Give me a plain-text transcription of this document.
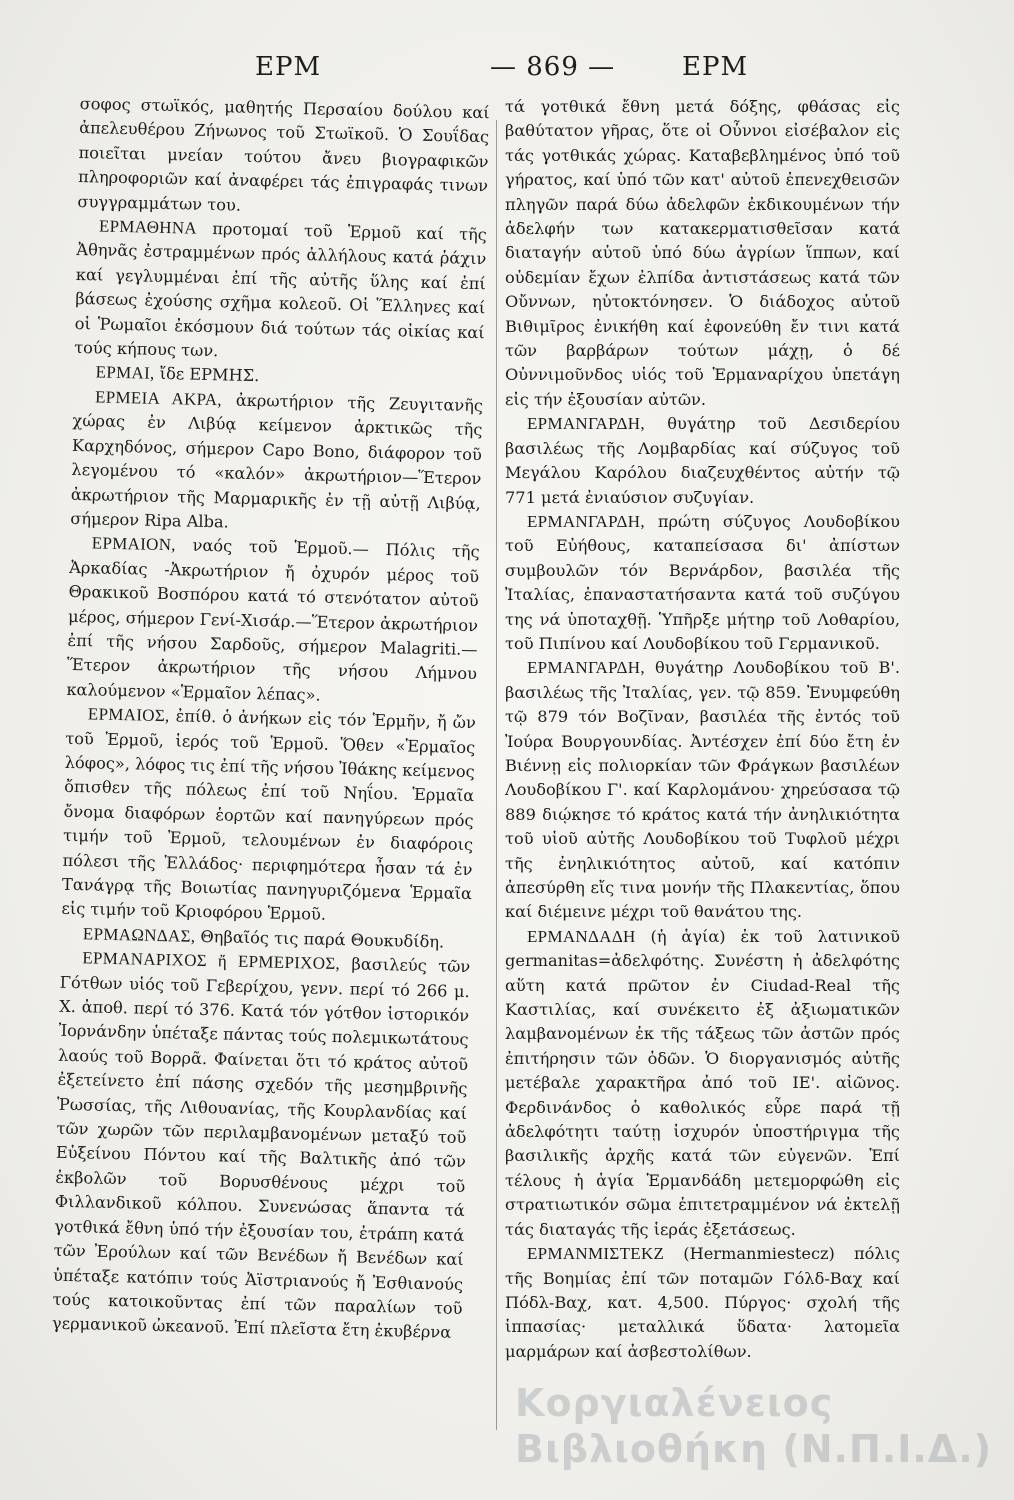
ΕΡΜ	— 869 —	ΕΡΜ

σοφος στωϊκός, μαθητής Περσαίου δούλου καί ἀπελευθέρου Ζήνωνος τοῦ Στωϊκοῦ. Ὁ Σουΐδας ποιεῖται μνείαν τούτου ἄνευ βιογραφικῶν πληροφοριῶν καί ἀναφέρει τάς ἐπιγραφάς τινων συγγραμμάτων του.

ΕΡΜΑΘΗΝΑ προτομαί τοῦ Ἑρμοῦ καί τῆς Ἀθηνᾶς ἐστραμμένων πρός ἀλλήλους κατά ῥάχιν καί γεγλυμμέναι ἐπί τῆς αὐτῆς ὕλης καί ἐπί βάσεως ἐχούσης σχῆμα κολεοῦ. Οἱ Ἕλληνες καί οἱ Ῥωμαῖοι ἐκόσμουν διά τούτων τάς οἰκίας καί τούς κήπους των.

ΕΡΜΑΙ, ἴδε ΕΡΜΗΣ.

ΕΡΜΕΙΑ ΑΚΡΑ, ἀκρωτήριον τῆς Ζευγιτανῆς χώρας ἐν Λιβύᾳ κείμενον ἀρκτικῶς τῆς Καρχηδόνος, σήμερον Capo Bono, διάφορον τοῦ λεγομένου τό «καλόν» ἀκρωτήριον—Ἕτερον ἀκρωτήριον τῆς Μαρμαρικῆς ἐν τῇ αὐτῇ Λιβύᾳ, σήμερον Ripa Alba.

ΕΡΜΑΙΟΝ, ναός τοῦ Ἑρμοῦ.— Πόλις τῆς Ἀρκαδίας -Ἀκρωτήριον ἤ ὀχυρόν μέρος τοῦ Θρακικοῦ Βοσπόρου κατά τό στενότατον αὐτοῦ μέρος, σήμερον Γενί-Χισάρ.—Ἕτερον ἀκρωτήριον ἐπί τῆς νήσου Σαρδοῦς, σήμερον Malagriti.—Ἕτερον ἀκρωτήριον τῆς νήσου Λήμνου καλούμενον «Ἑρμαῖον λέπας».

ΕΡΜΑΙΟΣ, ἐπίθ. ὁ ἀνήκων εἰς τόν Ἑρμῆν, ἤ ὤν τοῦ Ἑρμοῦ, ἱερός τοῦ Ἑρμοῦ. Ὅθεν «Ἑρμαῖος λόφος», λόφος τις ἐπί τῆς νήσου Ἰθάκης κείμενος ὄπισθεν τῆς πόλεως ἐπί τοῦ Νηΐου. Ἑρμαῖα ὄνομα διαφόρων ἑορτῶν καί πανηγύρεων πρός τιμήν τοῦ Ἑρμοῦ, τελουμένων ἐν διαφόροις πόλεσι τῆς Ἑλλάδος· περιφημότερα ἦσαν τά ἐν Τανάγρᾳ τῆς Βοιωτίας πανηγυριζόμενα Ἑρμαῖα εἰς τιμήν τοῦ Κριοφόρου Ἑρμοῦ.

ΕΡΜΑΩΝΔΑΣ, Θηβαῖός τις παρά Θουκυδίδη.

ΕΡΜΑΝΑΡΙΧΟΣ ἤ ΕΡΜΕΡΙΧΟΣ, βασιλεύς τῶν Γότθων υἱός τοῦ Γεβερίχου, γενν. περί τό 266 μ. Χ. ἀποθ. περί τό 376. Κατά τόν γότθον ἱστορικόν Ἰορνάνδην ὑπέταξε πάντας τούς πολεμικωτάτους λαούς τοῦ Βορρᾶ. Φαίνεται ὅτι τό κράτος αὐτοῦ ἐξετείνετο ἐπί πάσης σχεδόν τῆς μεσημβρινῆς Ῥωσσίας, τῆς Λιθουανίας, τῆς Κουρλανδίας καί τῶν χωρῶν τῶν περιλαμβανομένων μεταξύ τοῦ Εὐξείνου Πόντου καί τῆς Βαλτικῆς ἀπό τῶν ἐκβολῶν τοῦ Βορυσθένους μέχρι τοῦ Φιλλανδικοῦ κόλπου. Συνενώσας ἅπαντα τά γοτθικά ἔθνη ὑπό τήν ἐξουσίαν του, ἐτράπη κατά τῶν Ἐρούλων καί τῶν Βενέδων ἤ Βενέδων καί ὑπέταξε κατόπιν τούς Ἀϊστριανούς ἤ Ἐσθιανούς τούς κατοικοῦντας ἐπί τῶν παραλίων τοῦ γερμανικοῦ ὠκεανοῦ. Ἐπί πλεῖστα ἔτη ἐκυβέρνα

τά γοτθικά ἔθνη μετά δόξης, φθάσας εἰς βαθύτατον γῆρας, ὅτε οἱ Οὖννοι εἰσέβαλον εἰς τάς γοτθικάς χώρας. Καταβεβλημένος ὑπό τοῦ γήρατος, καί ὑπό τῶν κατ' αὐτοῦ ἐπενεχθεισῶν πληγῶν παρά δύω ἀδελφῶν ἐκδικουμένων τήν ἀδελφήν των κατακερματισθεῖσαν κατά διαταγήν αὐτοῦ ὑπό δύω ἀγρίων ἵππων, καί οὐδεμίαν ἔχων ἐλπίδα ἀντιστάσεως κατά τῶν Οὔννων, ηὐτοκτόνησεν. Ὁ διάδοχος αὐτοῦ Βιθιμῖρος ἐνικήθη καί ἐφονεύθη ἔν τινι κατά τῶν βαρβάρων τούτων μάχῃ, ὁ δέ Οὐννιμοῦνδος υἱός τοῦ Ἑρμαναρίχου ὑπετάγη εἰς τήν ἐξουσίαν αὐτῶν.

ΕΡΜΑΝΓΑΡΔΗ, θυγάτηρ τοῦ Δεσιδερίου βασιλέως τῆς Λομβαρδίας καί σύζυγος τοῦ Μεγάλου Καρόλου διαζευχθέντος αὐτήν τῷ 771 μετά ἐνιαύσιον συζυγίαν.

ΕΡΜΑΝΓΑΡΔΗ, πρώτη σύζυγος Λουδοβίκου τοῦ Εὐήθους, καταπείσασα δι' ἀπίστων συμβουλῶν τόν Βερνάρδον, βασιλέα τῆς Ἰταλίας, ἐπαναστατήσαντα κατά τοῦ συζύγου της νά ὑποταχθῇ. Ὑπῆρξε μήτηρ τοῦ Λοθαρίου, τοῦ Πιπίνου καί Λουδοβίκου τοῦ Γερμανικοῦ.

ΕΡΜΑΝΓΑΡΔΗ, θυγάτηρ Λουδοβίκου τοῦ Β'. βασιλέως τῆς Ἰταλίας, γεν. τῷ 859. Ἐνυμφεύθη τῷ 879 τόν Βοζῖναν, βασιλέα τῆς ἐντός τοῦ Ἰούρα Βουργουνδίας. Ἀντέσχεν ἐπί δύο ἔτη ἐν Βιέννῃ εἰς πολιορκίαν τῶν Φράγκων βασιλέων Λουδοβίκου Γ'. καί Καρλομάνου· χηρεύσασα τῷ 889 διῴκησε τό κράτος κατά τήν ἀνηλικιότητα τοῦ υἱοῦ αὐτῆς Λουδοβίκου τοῦ Τυφλοῦ μέχρι τῆς ἐνηλικιότητος αὐτοῦ, καί κατόπιν ἀπεσύρθη εἴς τινα μονήν τῆς Πλακεντίας, ὅπου καί διέμεινε μέχρι τοῦ θανάτου της.

ΕΡΜΑΝΔΑΔΗ (ἡ ἁγία) ἐκ τοῦ λατινικοῦ germanitas=ἀδελφότης. Συνέστη ἡ ἀδελφότης αὕτη κατά πρῶτον ἐν Ciudad-Real τῆς Καστιλίας, καί συνέκειτο ἐξ ἀξιωματικῶν λαμβανομένων ἐκ τῆς τάξεως τῶν ἀστῶν πρός ἐπιτήρησιν τῶν ὁδῶν. Ὁ διοργανισμός αὐτῆς μετέβαλε χαρακτῆρα ἀπό τοῦ ΙΕ'. αἰῶνος. Φερδινάνδος ὁ καθολικός εὗρε παρά τῇ ἀδελφότητι ταύτῃ ἰσχυρόν ὑποστήριγμα τῆς βασιλικῆς ἀρχῆς κατά τῶν εὐγενῶν. Ἐπί τέλους ἡ ἁγία Ἑρμανδάδη μετεμορφώθη εἰς στρατιωτικόν σῶμα ἐπιτετραμμένον νά ἐκτελῇ τάς διαταγάς τῆς ἱεράς ἐξετάσεως.

ΕΡΜΑΝΜΙΣΤΕΚΖ (Hermanmiestecz) πόλις τῆς Βοημίας ἐπί τῶν ποταμῶν Γόλδ-Βαχ καί Πόδλ-Βαχ, κατ. 4,500. Πύργος· σχολή τῆς ἱππασίας· μεταλλικά ὕδατα· λατομεῖα μαρμάρων καί ἀσβεστολίθων.

Κοργιαλένειος Βιβλιοθήκη (Ν.Π.Ι.Δ.)
